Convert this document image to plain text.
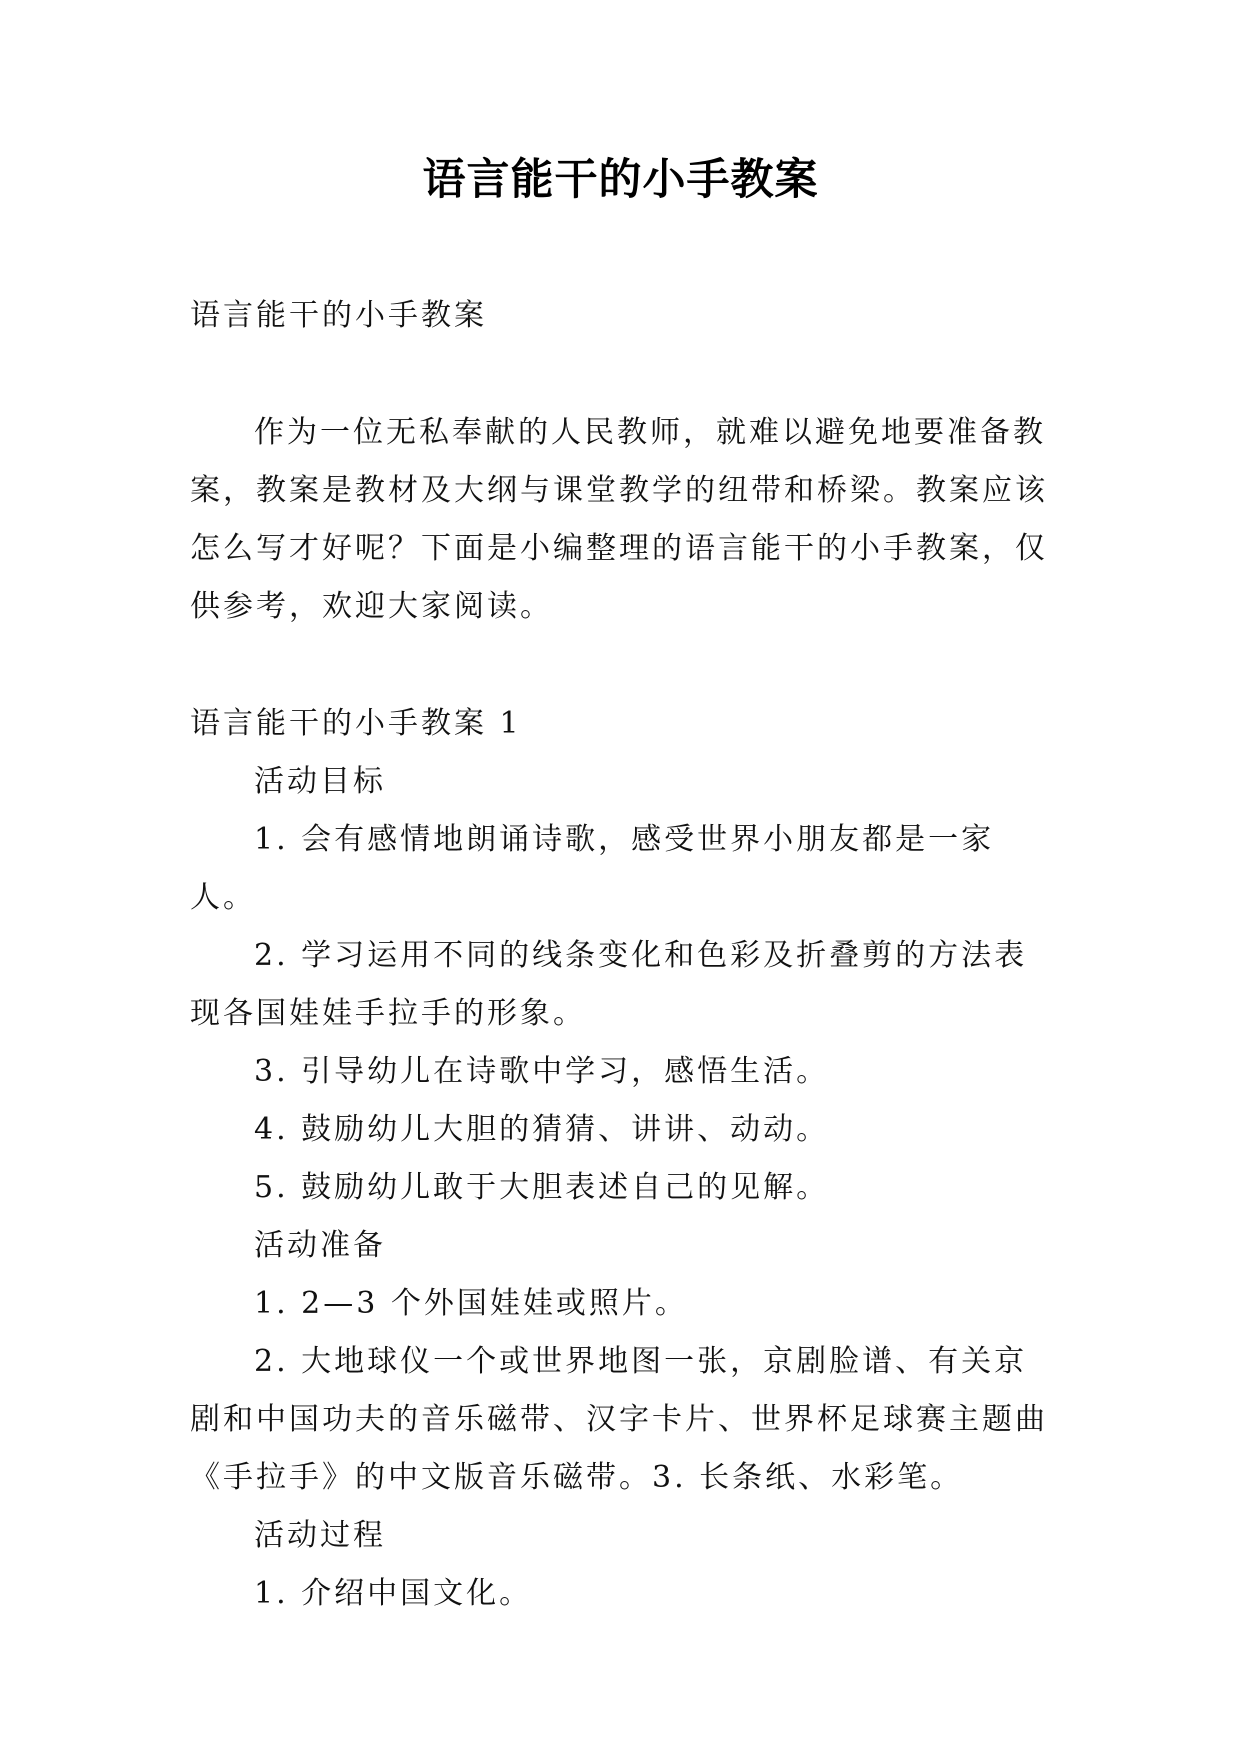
语言能干的小手教案

语言能干的小手教案

作为一位无私奉献的人民教师，就难以避免地要准备教案，教案是教材及大纲与课堂教学的纽带和桥梁。教案应该怎么写才好呢？下面是小编整理的语言能干的小手教案，仅供参考，欢迎大家阅读。

语言能干的小手教案 1

活动目标

1. 会有感情地朗诵诗歌，感受世界小朋友都是一家人。

2. 学习运用不同的线条变化和色彩及折叠剪的方法表现各国娃娃手拉手的形象。

3. 引导幼儿在诗歌中学习，感悟生活。

4. 鼓励幼儿大胆的猜猜、讲讲、动动。

5. 鼓励幼儿敢于大胆表述自己的见解。

活动准备

1. 2—3 个外国娃娃或照片。

2. 大地球仪一个或世界地图一张，京剧脸谱、有关京剧和中国功夫的音乐磁带、汉字卡片、世界杯足球赛主题曲《手拉手》的中文版音乐磁带。3. 长条纸、水彩笔。

活动过程

1. 介绍中国文化。
